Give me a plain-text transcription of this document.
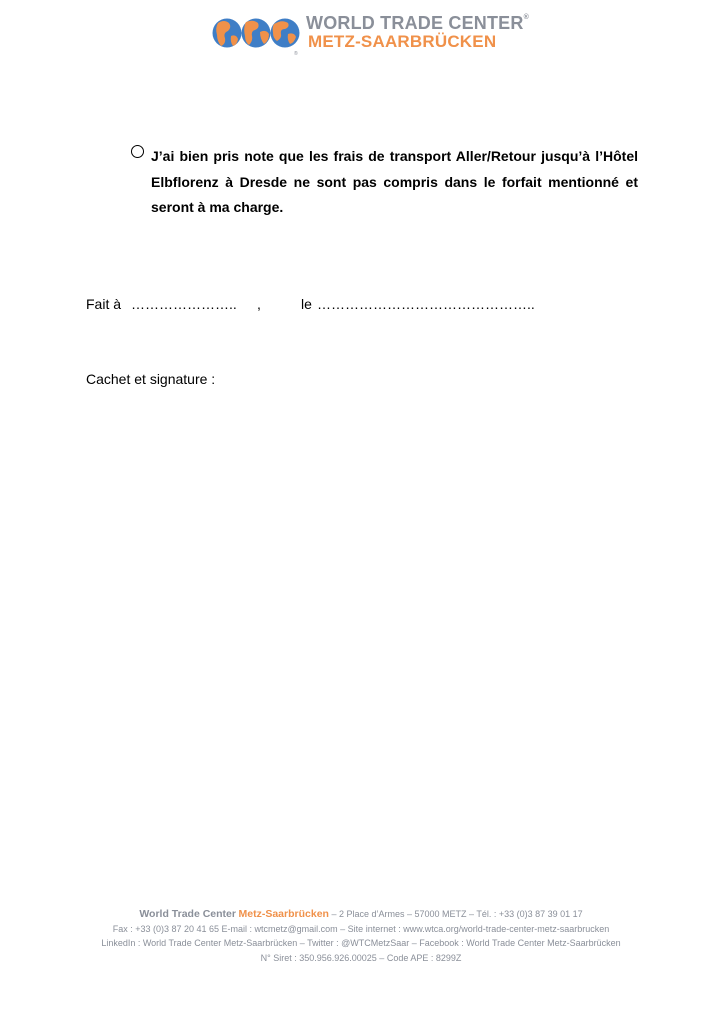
®
WORLD TRADE CENTER®
METZ-SAARBRÜCKEN

J’ai bien pris note que les frais de transport Aller/Retour jusqu’à l’Hôtel Elbflorenz à Dresde ne sont pas compris dans le forfait mentionné et seront à ma charge.

Fait à ………………….. ,	le ………………………………………..
Cachet et signature :
World Trade Center Metz-Saarbrücken – 2 Place d’Armes – 57000 METZ – Tél. : +33 (0)3 87 39 01 17
Fax : +33 (0)3 87 20 41 65 E-mail : wtcmetz@gmail.com – Site internet : www.wtca.org/world-trade-center-metz-saarbrucken
LinkedIn : World Trade Center Metz-Saarbrücken – Twitter : @WTCMetzSaar – Facebook : World Trade Center Metz-Saarbrücken
N° Siret : 350.956.926.00025 – Code APE : 8299Z
